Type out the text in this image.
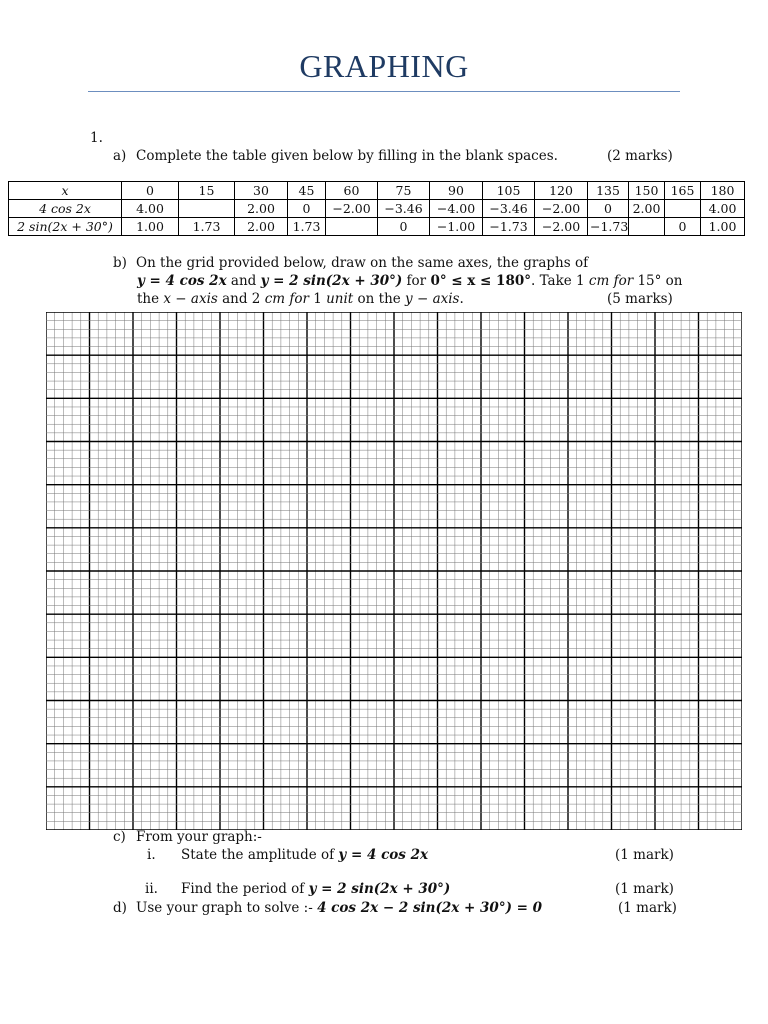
GRAPHING
1.
a) Complete the table given below by filling in the blank spaces.	(2 marks)
x	0	15	30	45	60	75	90	105	120	135	150	165	180
4 cos 2x	4.00		2.00	0	−2.00	−3.46	−4.00	−3.46	−2.00	0	2.00		4.00
2 sin(2x + 30°)	1.00	1.73	2.00	1.73		0	−1.00	−1.73	−2.00	−1.73		0	1.00
b) On the grid provided below, draw on the same axes, the graphs of
y = 4 cos 2x and y = 2 sin(2x + 30°) for 0° ≤ x ≤ 180°. Take 1 cm for 15° on
the x − axis and 2 cm for 1 unit on the y − axis.	(5 marks)
c) From your graph:-
i. State the amplitude of y = 4 cos 2x	(1 mark)
ii. Find the period of y = 2 sin(2x + 30°)	(1 mark)
d) Use your graph to solve :- 4 cos 2x − 2 sin(2x + 30°) = 0	(1 mark)
